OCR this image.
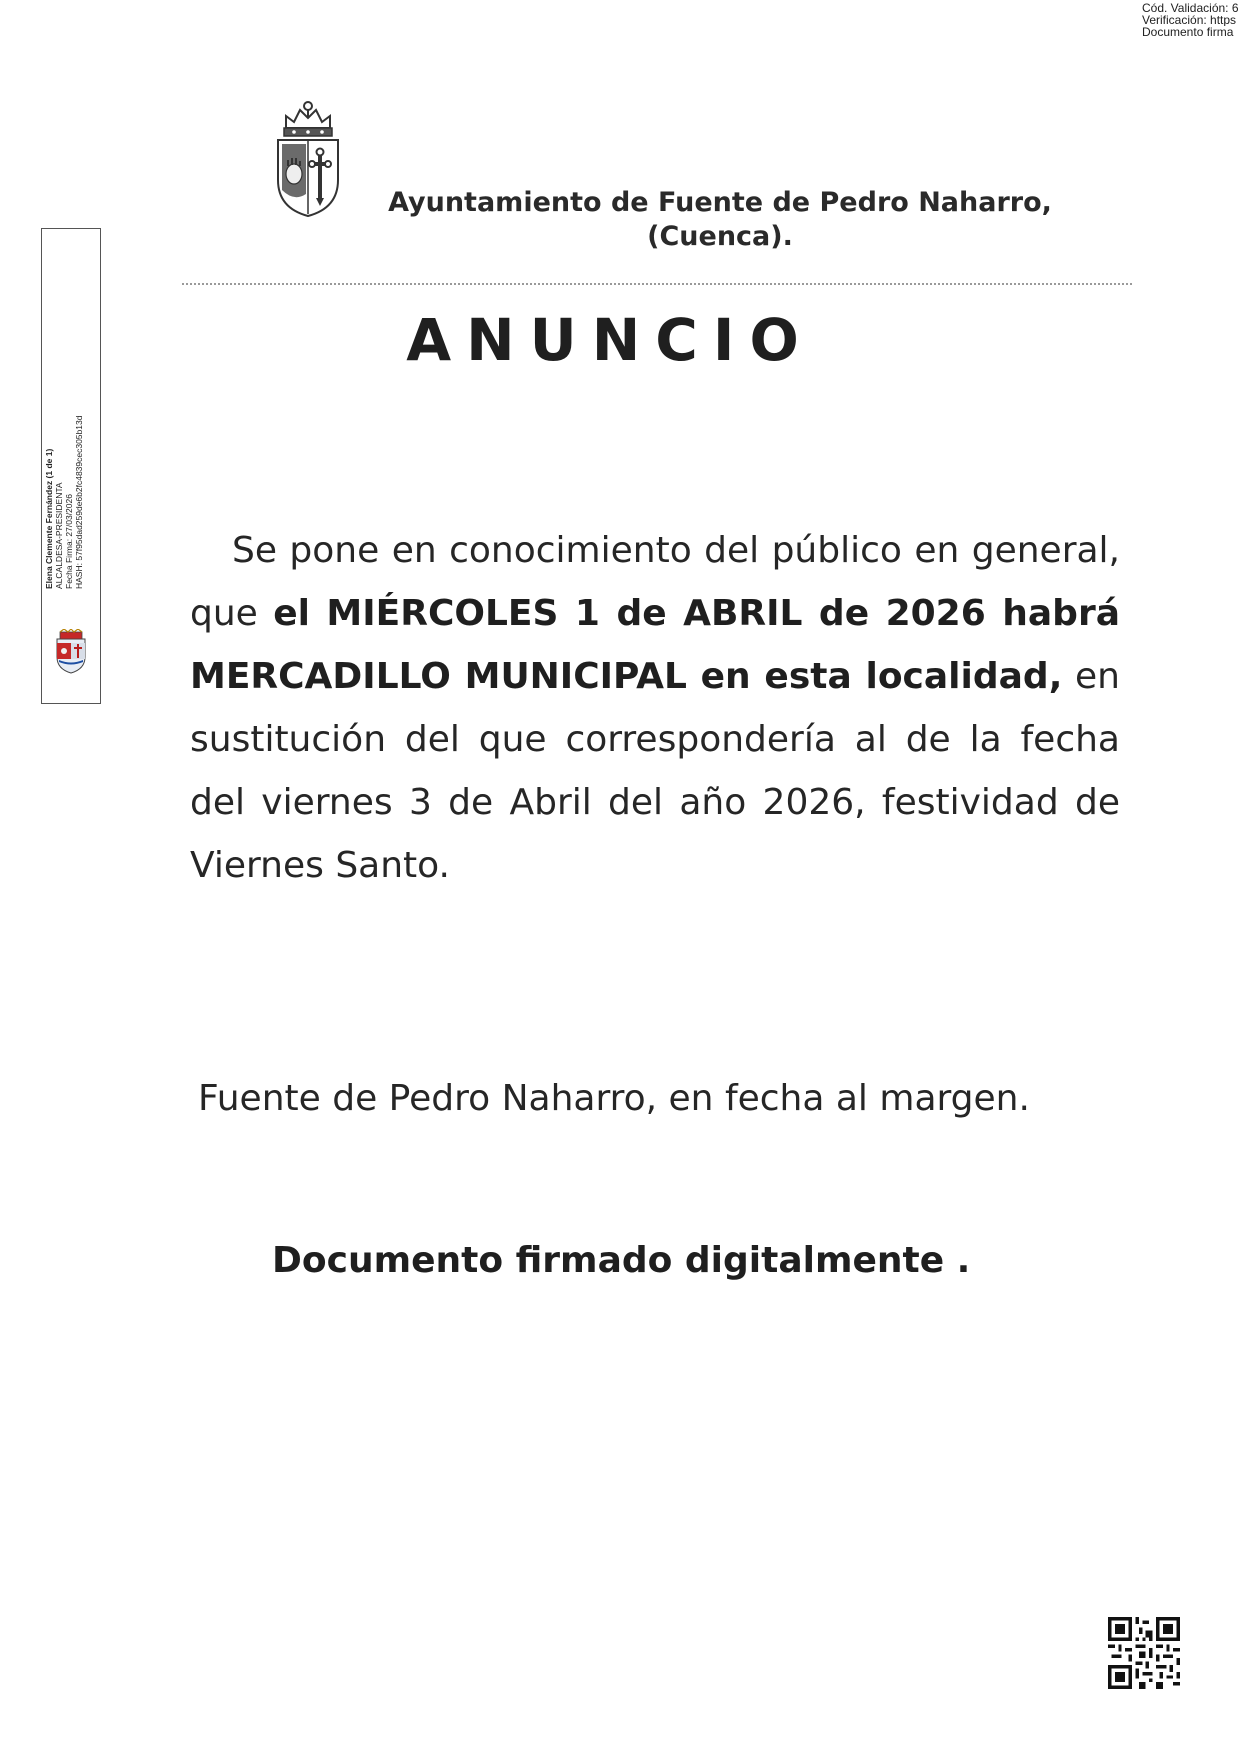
Cód. Validación: 6
Verificación: https
Documento firma
Elena Clemente Fernández (1 de 1) ALCALDESA-PRESIDENTA Fecha Firma: 27/03/2026 HASH: 57f95dad259de6b2fc4839cec305b13d
Ayuntamiento de Fuente de Pedro Naharro,
(Cuenca).
ANUNCIO
Se pone en conocimiento del público en general, que el MIÉRCOLES 1 de ABRIL de 2026 habrá MERCADILLO MUNICIPAL en esta localidad, en sustitución del que correspondería al de la fecha del viernes 3 de Abril del año 2026, festividad de Viernes Santo.
Fuente de Pedro Naharro, en fecha al margen.
Documento firmado digitalmente .
